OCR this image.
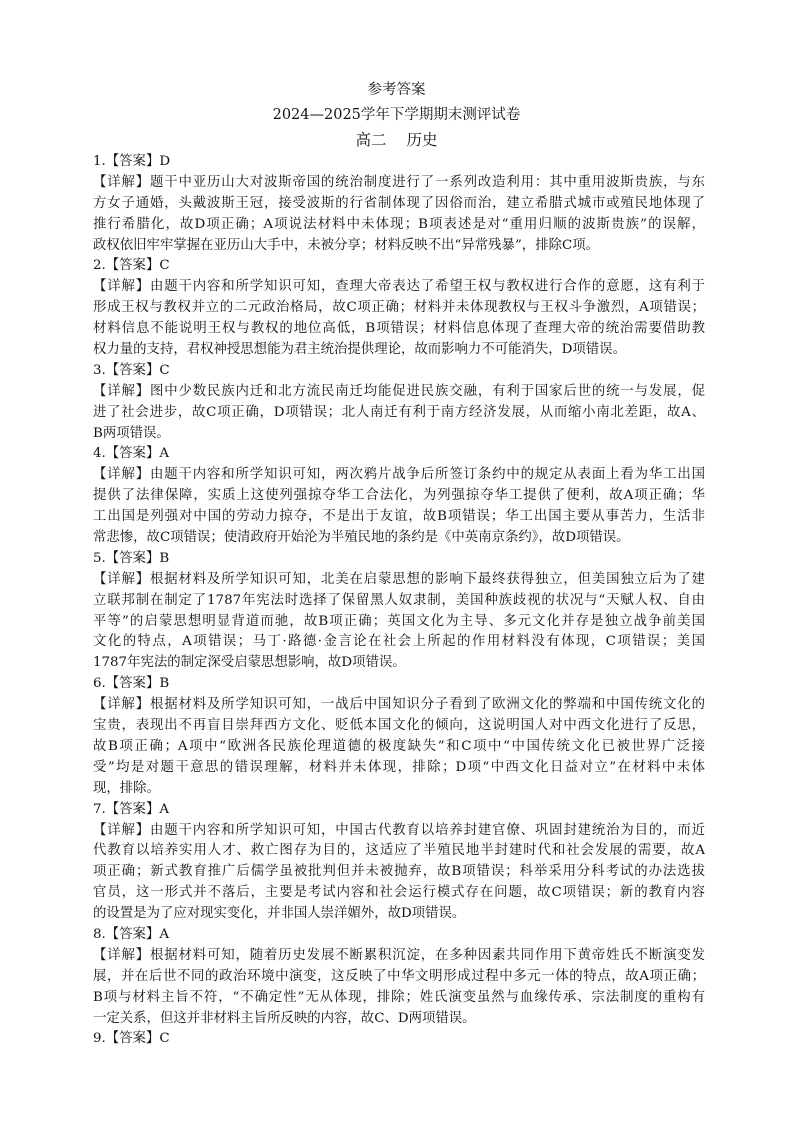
参考答案
2024—2025学年下学期期末测评试卷
高二 历史
1.【答案】D
【详解】题干中亚历山大对波斯帝国的统治制度进行了一系列改造利用：其中重用波斯贵族，与东
方女子通婚，头戴波斯王冠，接受波斯的行省制体现了因俗而治，建立希腊式城市或殖民地体现了
推行希腊化，故D项正确；A项说法材料中未体现；B项表述是对“重用归顺的波斯贵族”的误解，
政权依旧牢牢掌握在亚历山大手中，未被分享；材料反映不出“异常残暴”，排除C项。
2.【答案】C
【详解】由题干内容和所学知识可知，查理大帝表达了希望王权与教权进行合作的意愿，这有利于
形成王权与教权并立的二元政治格局，故C项正确；材料并未体现教权与王权斗争激烈，A项错误；
材料信息不能说明王权与教权的地位高低，B项错误；材料信息体现了查理大帝的统治需要借助教
权力量的支持，君权神授思想能为君主统治提供理论，故而影响力不可能消失，D项错误。
3.【答案】C
【详解】图中少数民族内迁和北方流民南迁均能促进民族交融，有利于国家后世的统一与发展，促
进了社会进步，故C项正确，D项错误；北人南迁有利于南方经济发展，从而缩小南北差距，故A、
B两项错误。
4.【答案】A
【详解】由题干内容和所学知识可知，两次鸦片战争后所签订条约中的规定从表面上看为华工出国
提供了法律保障，实质上这使列强掠夺华工合法化，为列强掠夺华工提供了便利，故A项正确；华
工出国是列强对中国的劳动力掠夺，不是出于友谊，故B项错误；华工出国主要从事苦力，生活非
常悲惨，故C项错误；使清政府开始沦为半殖民地的条约是《中英南京条约》，故D项错误。
5.【答案】B
【详解】根据材料及所学知识可知，北美在启蒙思想的影响下最终获得独立，但美国独立后为了建
立联邦制在制定了1787年宪法时选择了保留黑人奴隶制，美国种族歧视的状况与“天赋人权、自由
平等”的启蒙思想明显背道而驰，故B项正确；英国文化为主导、多元文化并存是独立战争前美国
文化的特点，A项错误；马丁·路德·金言论在社会上所起的作用材料没有体现，C项错误；美国
1787年宪法的制定深受启蒙思想影响，故D项错误。
6.【答案】B
【详解】根据材料及所学知识可知，一战后中国知识分子看到了欧洲文化的弊端和中国传统文化的
宝贵，表现出不再盲目崇拜西方文化、贬低本国文化的倾向，这说明国人对中西文化进行了反思，
故B项正确；A项中“欧洲各民族伦理道德的极度缺失”和C项中“中国传统文化已被世界广泛接
受”均是对题干意思的错误理解，材料并未体现，排除；D项“中西文化日益对立”在材料中未体
现，排除。
7.【答案】A
【详解】由题干内容和所学知识可知，中国古代教育以培养封建官僚、巩固封建统治为目的，而近
代教育以培养实用人才、救亡图存为目的，这适应了半殖民地半封建时代和社会发展的需要，故A
项正确；新式教育推广后儒学虽被批判但并未被抛弃，故B项错误；科举采用分科考试的办法选拔
官员，这一形式并不落后，主要是考试内容和社会运行模式存在问题，故C项错误；新的教育内容
的设置是为了应对现实变化，并非国人崇洋媚外，故D项错误。
8.【答案】A
【详解】根据材料可知，随着历史发展不断累积沉淀，在多种因素共同作用下黄帝姓氏不断演变发
展，并在后世不同的政治环境中演变，这反映了中华文明形成过程中多元一体的特点，故A项正确；
B项与材料主旨不符，“不确定性”无从体现，排除；姓氏演变虽然与血缘传承、宗法制度的重构有
一定关系，但这并非材料主旨所反映的内容，故C、D两项错误。
9.【答案】C
